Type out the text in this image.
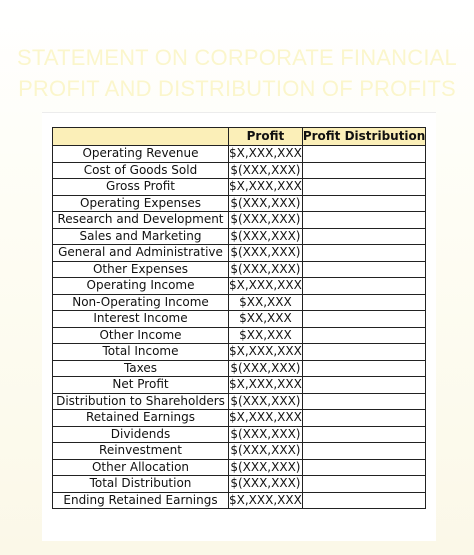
STATEMENT ON CORPORATE FINANCIAL
PROFIT AND DISTRIBUTION OF PROFITS
	Profit	Profit Distribution
Operating Revenue	$X,XXX,XXX	
Cost of Goods Sold	$(XXX,XXX)	
Gross Profit	$X,XXX,XXX	
Operating Expenses	$(XXX,XXX)	
Research and Development	$(XXX,XXX)	
Sales and Marketing	$(XXX,XXX)	
General and Administrative	$(XXX,XXX)	
Other Expenses	$(XXX,XXX)	
Operating Income	$X,XXX,XXX	
Non-Operating Income	$XX,XXX	
Interest Income	$XX,XXX	
Other Income	$XX,XXX	
Total Income	$X,XXX,XXX	
Taxes	$(XXX,XXX)	
Net Profit	$X,XXX,XXX	
Distribution to Shareholders	$(XXX,XXX)	
Retained Earnings	$X,XXX,XXX	
Dividends	$(XXX,XXX)	
Reinvestment	$(XXX,XXX)	
Other Allocation	$(XXX,XXX)	
Total Distribution	$(XXX,XXX)	
Ending Retained Earnings	$X,XXX,XXX	
